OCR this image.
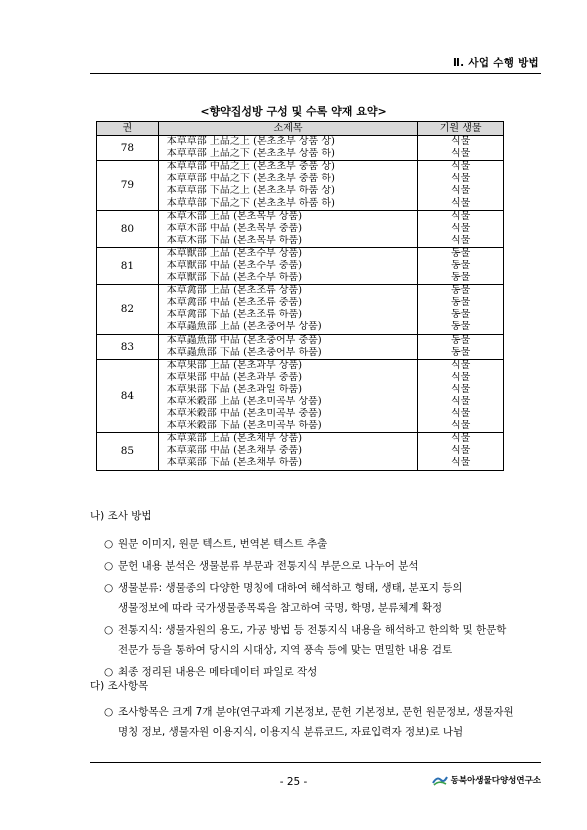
Ⅱ. 사업 수행 방법
<향약집성방 구성 및 수록 약재 요약>
권	소제목	기원 생물
78	本草草部 上品之上 (본초초부 상품 상)	식물
	本草草部 上品之下 (본초초부 상품 하)	식물
79	本草草部 中品之上 (본초초부 중품 상)	식물
	本草草部 中品之下 (본초초부 중품 하)	식물
	本草草部 下品之上 (본초초부 하품 상)	식물
	本草草部 下品之下 (본초초부 하품 하)	식물
80	本草木部 上品 (본초목부 상품)	식물
	本草木部 中品 (본초목부 중품)	식물
	本草木部 下品 (본초목부 하품)	식물
81	本草獸部 上品 (본초수부 상품)	동물
	本草獸部 中品 (본초수부 중품)	동물
	本草獸部 下品 (본초수부 하품)	동물
82	本草禽部 上品 (본초조류 상품)	동물
	本草禽部 中品 (본초조류 중품)	동물
	本草禽部 下品 (본초조류 하품)	동물
	本草蟲魚部 上品 (본초충어부 상품)	동물
83	本草蟲魚部 中品 (본초충어부 중품)	동물
	本草蟲魚部 下品 (본초충어부 하품)	동물
84	本草果部 上品 (본초과부 상품)	식물
	本草果部 中品 (본초과부 중품)	식물
	本草果部 下品 (본초과일 하품)	식물
	本草米穀部 上品 (본초미곡부 상품)	식물
	本草米穀部 中品 (본초미곡부 중품)	식물
	本草米穀部 下品 (본초미곡부 하품)	식물
85	本草菜部 上品 (본초채부 상품)	식물
	本草菜部 中品 (본초채부 중품)	식물
	本草菜部 下品 (본초채부 하품)	식물
나) 조사 방법
○ 원문 이미지, 원문 텍스트, 번역본 텍스트 추출
○ 문헌 내용 분석은 생물분류 부문과 전통지식 부문으로 나누어 분석
○ 생물분류: 생물종의 다양한 명칭에 대하여 해석하고 형태, 생태, 분포지 등의
생물정보에 따라 국가생물종목록을 참고하여 국명, 학명, 분류체계 확정
○ 전통지식: 생물자원의 용도, 가공 방법 등 전통지식 내용을 해석하고 한의학 및 한문학
전문가 등을 통하여 당시의 시대상, 지역 풍속 등에 맞는 면밀한 내용 검토
○ 최종 정리된 내용은 메타데이터 파일로 작성
다) 조사항목
○ 조사항목은 크게 7개 분야(연구과제 기본정보, 문헌 기본정보, 문헌 원문정보, 생물자원
명칭 정보, 생물자원 이용지식, 이용지식 분류코드, 자료입력자 정보)로 나뉨
- 25 -	동북아생물다양성연구소
